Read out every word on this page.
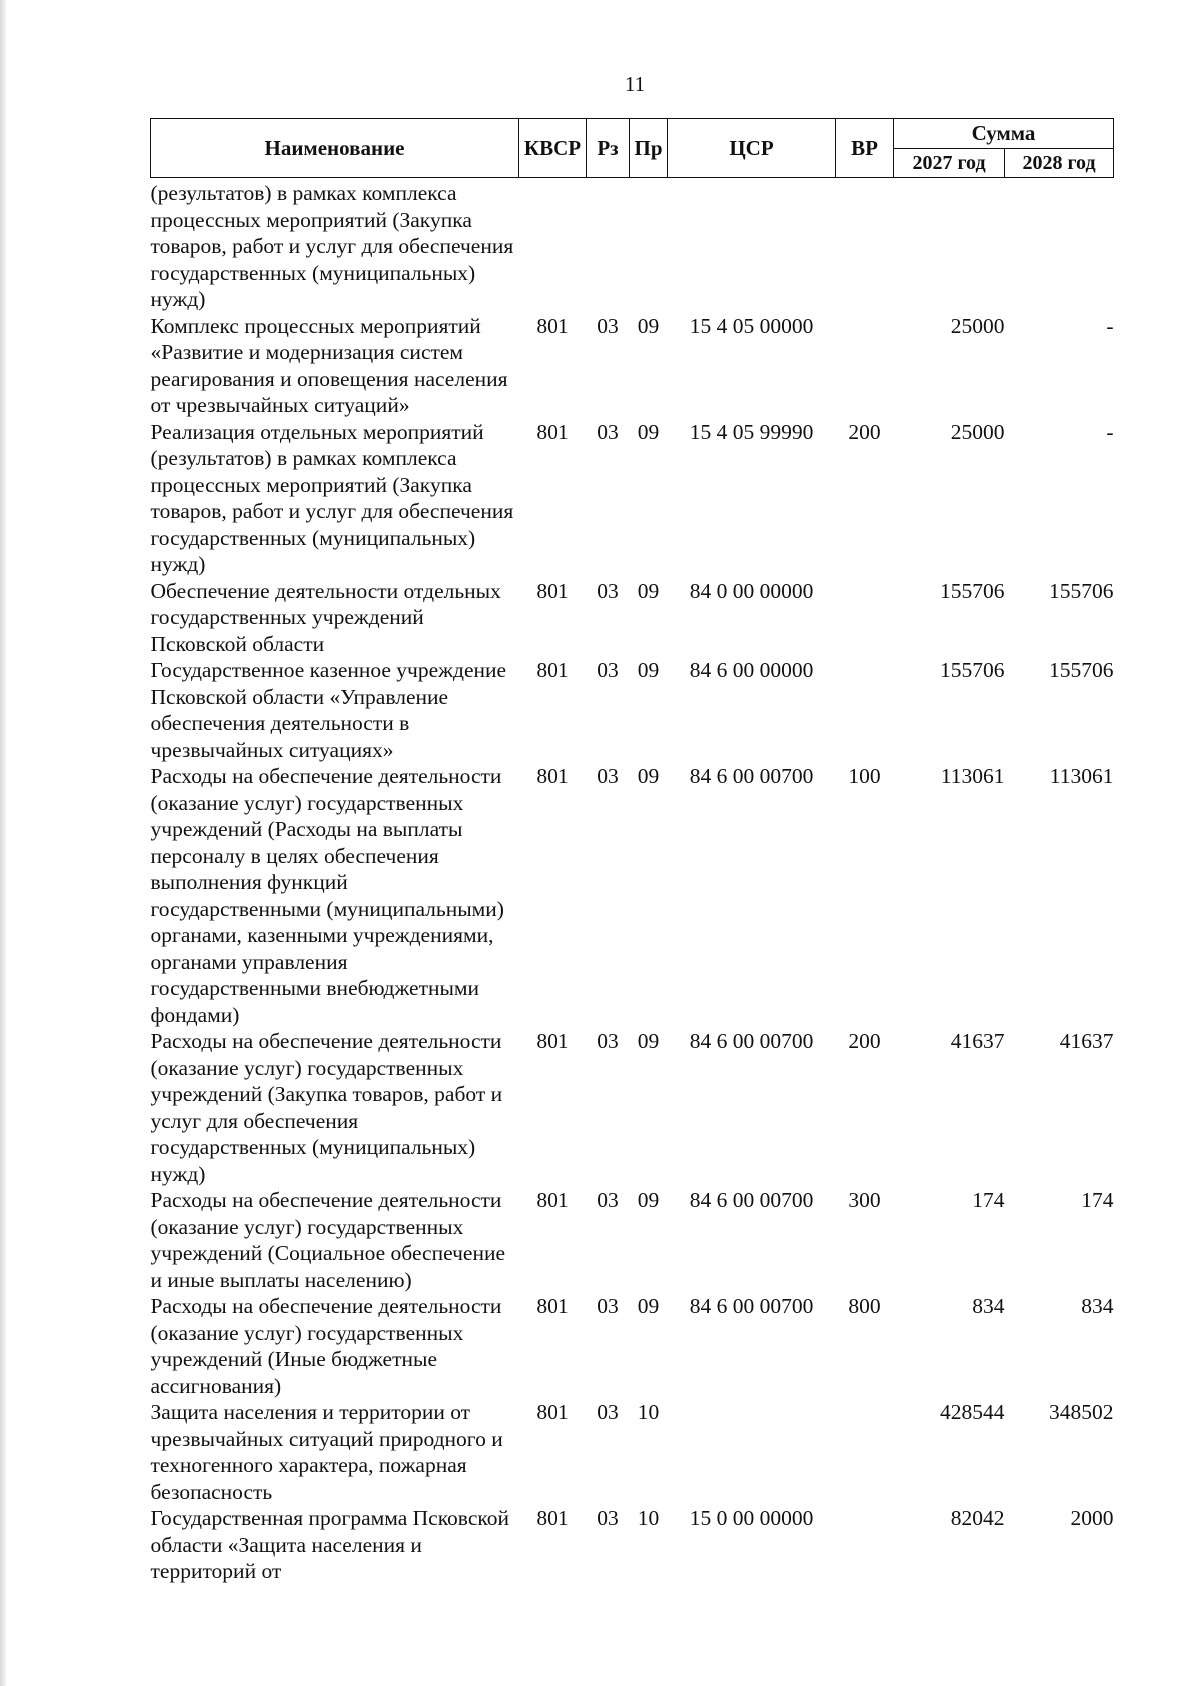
11
Наименование	КВСР	Рз	Пр	ЦСР	ВР	Сумма	
						2027 год	2028 год
(результатов) в рамках комплекса процессных мероприятий (Закупка товаров, работ и услуг для обеспечения государственных (муниципальных) нужд)							
Комплекс процессных мероприятий «Развитие и модернизация систем реагирования и оповещения населения от чрезвычайных ситуаций»	801	03	09	15 4 05 00000		25000	-
Реализация отдельных мероприятий (результатов) в рамках комплекса процессных мероприятий (Закупка товаров, работ и услуг для обеспечения государственных (муниципальных) нужд)	801	03	09	15 4 05 99990	200	25000	-
Обеспечение деятельности отдельных государственных учреждений Псковской области	801	03	09	84 0 00 00000		155706	155706
Государственное казенное учреждение Псковской области «Управление обеспечения деятельности в чрезвычайных ситуациях»	801	03	09	84 6 00 00000		155706	155706
Расходы на обеспечение деятельности (оказание услуг) государственных учреждений (Расходы на выплаты персоналу в целях обеспечения выполнения функций государственными (муниципальными) органами, казенными учреждениями, органами управления государственными внебюджетными фондами)	801	03	09	84 6 00 00700	100	113061	113061
Расходы на обеспечение деятельности (оказание услуг) государственных учреждений (Закупка товаров, работ и услуг для обеспечения государственных (муниципальных) нужд)	801	03	09	84 6 00 00700	200	41637	41637
Расходы на обеспечение деятельности (оказание услуг) государственных учреждений (Социальное обеспечение и иные выплаты населению)	801	03	09	84 6 00 00700	300	174	174
Расходы на обеспечение деятельности (оказание услуг) государственных учреждений (Иные бюджетные ассигнования)	801	03	09	84 6 00 00700	800	834	834
Защита населения и территории от чрезвычайных ситуаций природного и техногенного характера, пожарная безопасность	801	03	10			428544	348502
Государственная программа Псковской области «Защита населения и территорий от	801	03	10	15 0 00 00000		82042	2000
